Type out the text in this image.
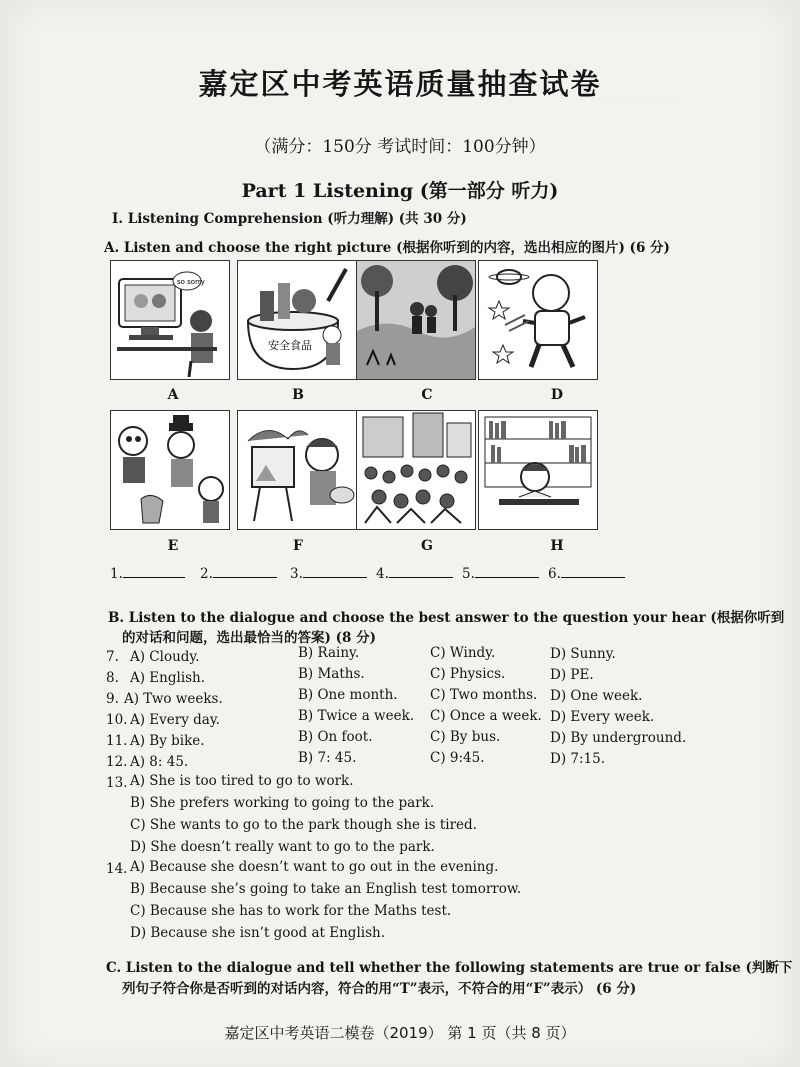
· · · · · · · · · · · ·
嘉定区中考英语质量抽查试卷
（满分：150分 考试时间：100分钟）
Part 1 Listening (第一部分 听力)
I. Listening Comprehension (听力理解) (共 30 分)
A. Listen and choose the right picture (根据你听到的内容，选出相应的图片) (6 分)
so sorry
安全食品
A	B	C	D
E	F	G	H
1.	2.	3.	4.	5.	6.
B. Listen to the dialogue and choose the best answer to the question your hear (根据你听到
的对话和问题，选出最恰当的答案) (8 分)
7. A) Cloudy.	B) Rainy.	C) Windy.	D) Sunny.
8. A) English.	B) Maths.	C) Physics.	D) PE.
9. A) Two weeks.	B) One month. C) Two months. D) One week.
10. A) Every day.	B) Twice a week. C) Once a week. D) Every week.
11. A) By bike.	B) On foot.	C) By bus.	D) By underground.
12. A) 8: 45.	B) 7: 45.	C) 9:45.	D) 7:15.
13. A) She is too tired to go to work.
B) She prefers working to going to the park.
C) She wants to go to the park though she is tired.
D) She doesn’t really want to go to the park.
14. A) Because she doesn’t want to go out in the evening.
B) Because she’s going to take an English test tomorrow.
C) Because she has to work for the Maths test.
D) Because she isn’t good at English.
C. Listen to the dialogue and tell whether the following statements are true or false (判断下
列句子符合你是否听到的对话内容，符合的用“T”表示，不符合的用“F”表示） (6 分)
嘉定区中考英语二模卷（2019） 第 1 页（共 8 页）
